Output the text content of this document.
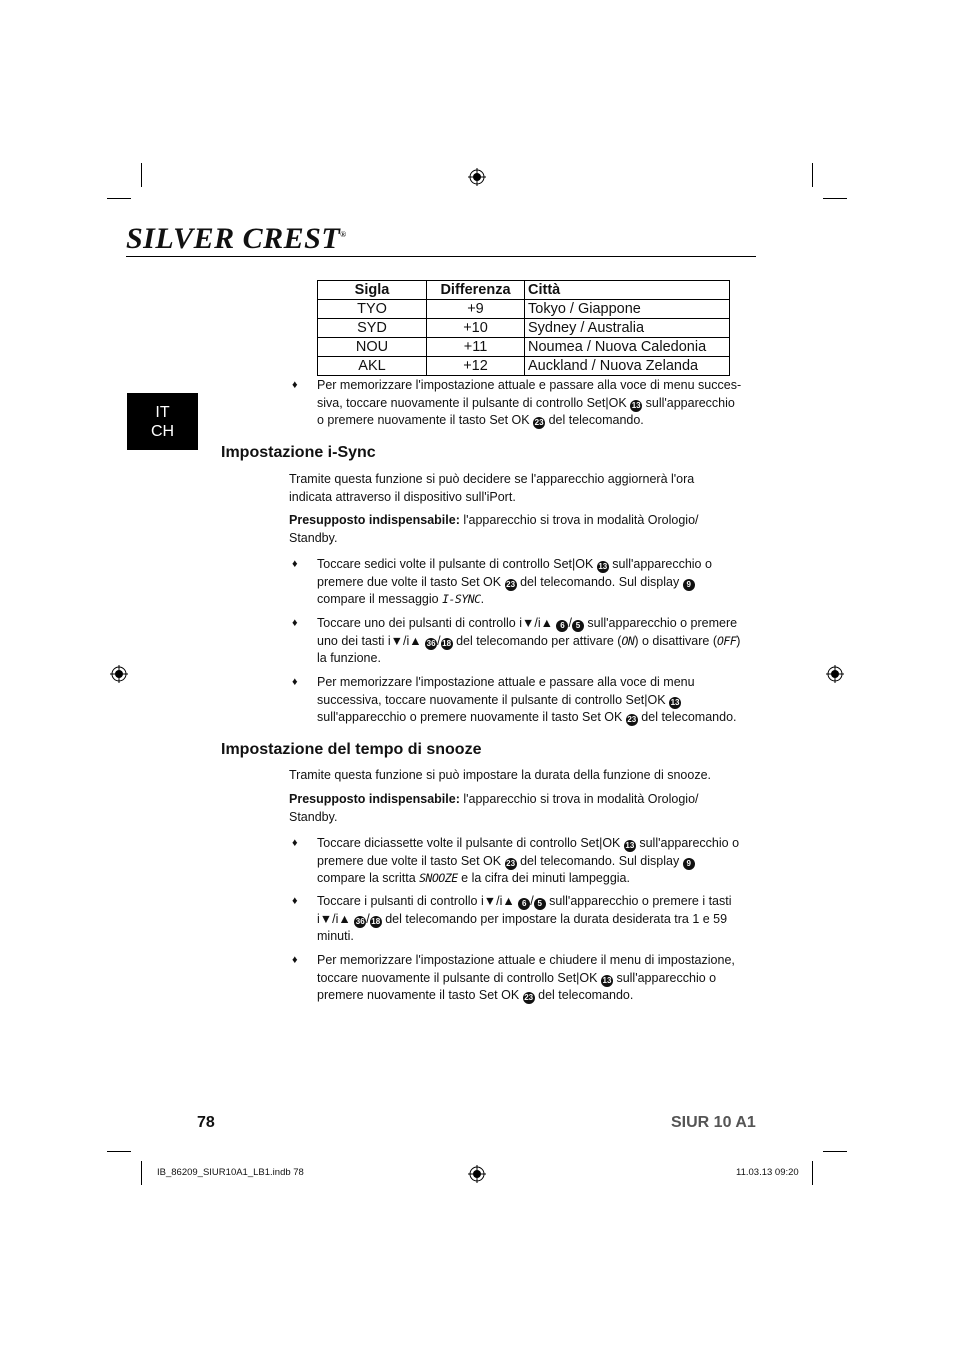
SILVER CREST®
IT
CH
Sigla	Differenza	Città
TYO	+9	Tokyo / Giappone
SYD	+10	Sydney / Australia
NOU	+11	Noumea / Nuova Caledonia
AKL	+12	Auckland / Nuova Zelanda
♦ Per memorizzare l'impostazione attuale e passare alla voce di menu succes-siva, toccare nuovamente il pulsante di controllo Set|OK 13 sull'apparecchio o premere nuovamente il tasto Set OK 23 del telecomando.
Impostazione i-Sync
Tramite questa funzione si può decidere se l'apparecchio aggiornerà l'ora indicata attraverso il dispositivo sull'iPort.
Presupposto indispensabile: l'apparecchio si trova in modalità Orologio/ Standby.
♦ Toccare sedici volte il pulsante di controllo Set|OK 13 sull'apparecchio o premere due volte il tasto Set OK 23 del telecomando. Sul display 9 compare il messaggio I-SYNC.
♦ Toccare uno dei pulsanti di controllo i▼/i▲ 6 / 5 sull'apparecchio o premere uno dei tasti i▼/i▲ 36 / 18 del telecomando per attivare (ON) o disattivare (OFF) la funzione.
♦ Per memorizzare l'impostazione attuale e passare alla voce di menu successiva, toccare nuovamente il pulsante di controllo Set|OK 13 sull'apparecchio o premere nuovamente il tasto Set OK 23 del telecomando.
Impostazione del tempo di snooze
Tramite questa funzione si può impostare la durata della funzione di snooze.
Presupposto indispensabile: l'apparecchio si trova in modalità Orologio/ Standby.
♦ Toccare diciassette volte il pulsante di controllo Set|OK 13 sull'apparecchio o premere due volte il tasto Set OK 23 del telecomando. Sul display 9 compare la scritta SNOOZE e la cifra dei minuti lampeggia.
♦ Toccare i pulsanti di controllo i▼/i▲ 6 / 5 sull'apparecchio o premere i tasti i▼/i▲ 36 / 18 del telecomando per impostare la durata desiderata tra 1 e 59 minuti.
♦ Per memorizzare l'impostazione attuale e chiudere il menu di impostazione, toccare nuovamente il pulsante di controllo Set|OK 13 sull'apparecchio o premere nuovamente il tasto Set OK 23 del telecomando.
78	SIUR 10 A1
IB_86209_SIUR10A1_LB1.indb 78	11.03.13 09:20
